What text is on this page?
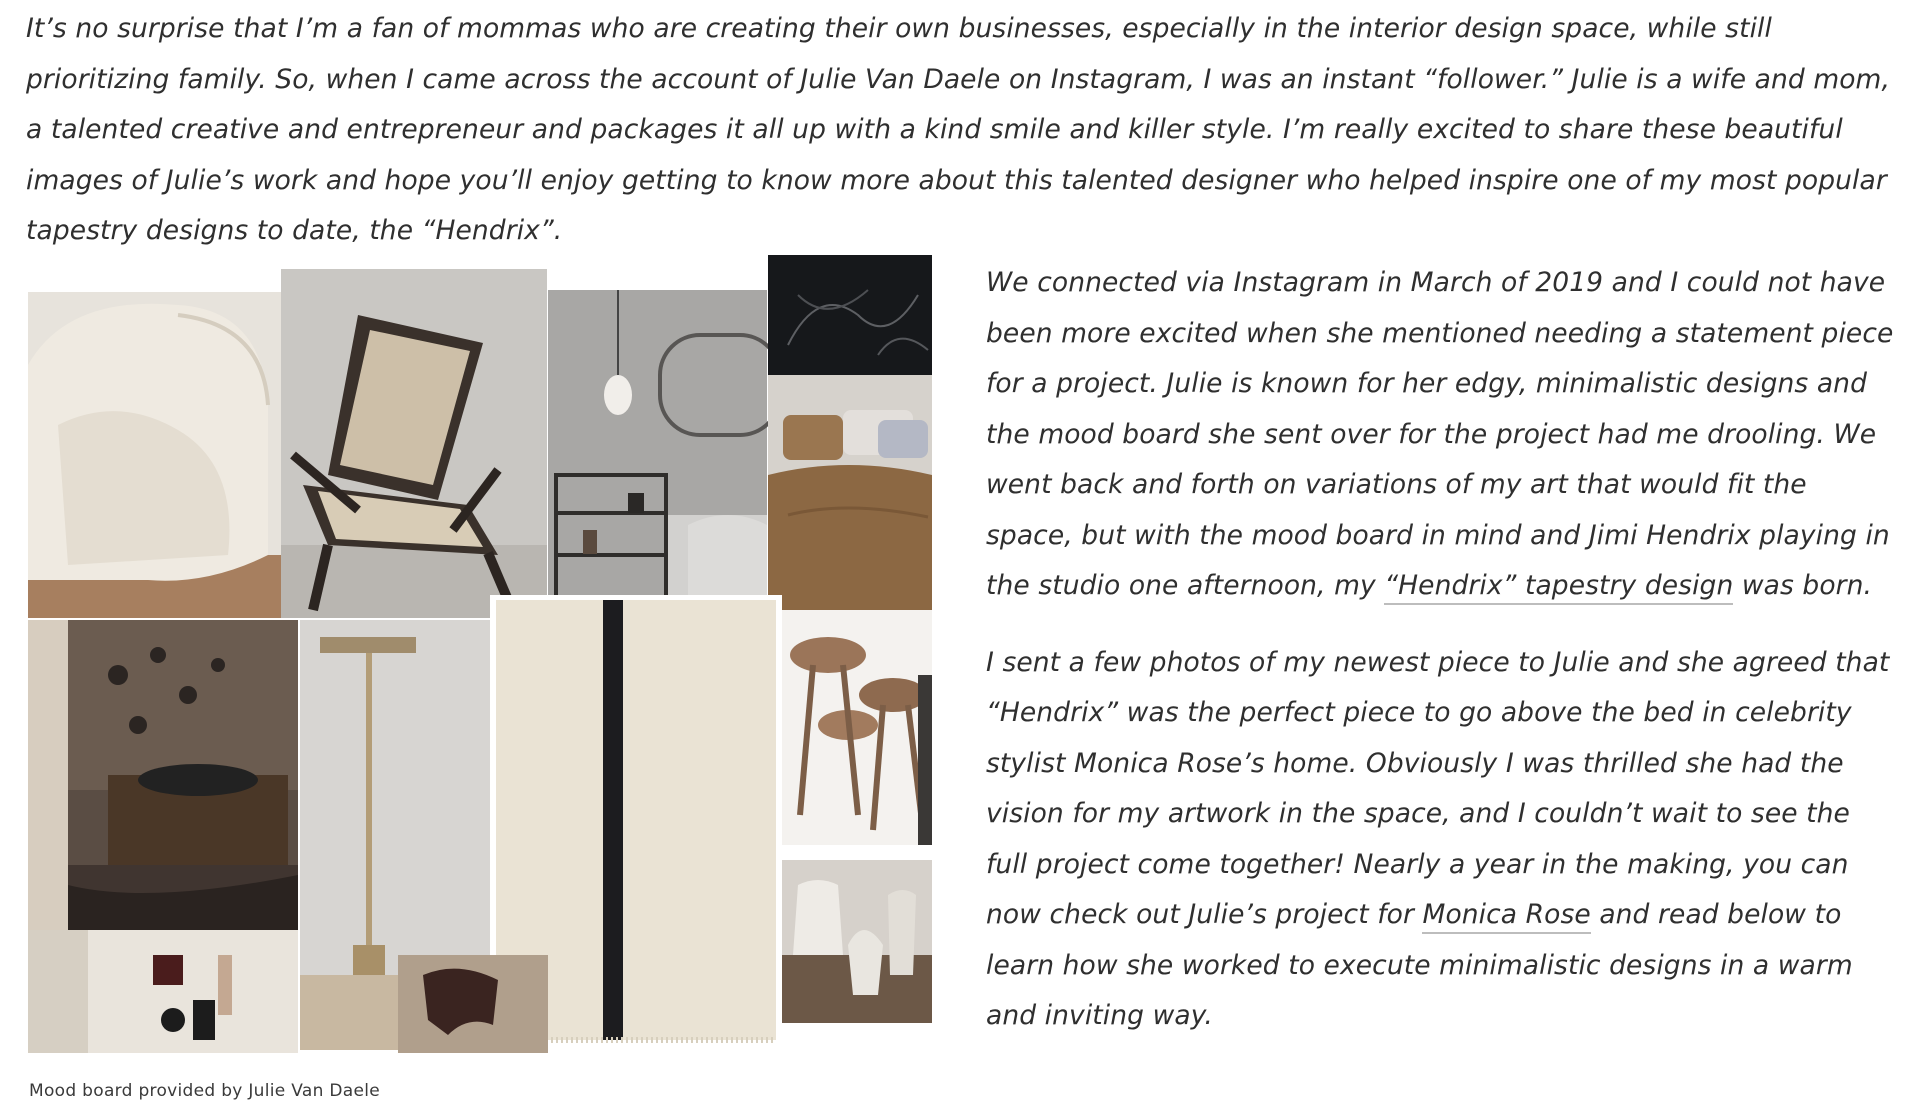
It’s no surprise that I’m a fan of mommas who are creating their own businesses, especially in the interior design space, while still prioritizing family. So, when I came across the account of Julie Van Daele on Instagram, I was an instant “follower.” Julie is a wife and mom, a talented creative and entrepreneur and packages it all up with a kind smile and killer style. I’m really excited to share these beautiful images of Julie’s work and hope you’ll enjoy getting to know more about this talented designer who helped inspire one of my most popular tapestry designs to date, the “Hendrix”.

We connected via Instagram in March of 2019 and I could not have been more excited when she mentioned needing a statement piece for a project. Julie is known for her edgy, minimalistic designs and the mood board she sent over for the project had me drooling. We went back and forth on variations of my art that would fit the space, but with the mood board in mind and Jimi Hendrix playing in the studio one afternoon, my “Hendrix” tapestry design was born.

I sent a few photos of my newest piece to Julie and she agreed that “Hendrix” was the perfect piece to go above the bed in celebrity stylist Monica Rose’s home. Obviously I was thrilled she had the vision for my artwork in the space, and I couldn’t wait to see the full project come together! Nearly a year in the making, you can now check out Julie’s project for Monica Rose and read below to learn how she worked to execute minimalistic designs in a warm and inviting way.

Mood board provided by Julie Van Daele
